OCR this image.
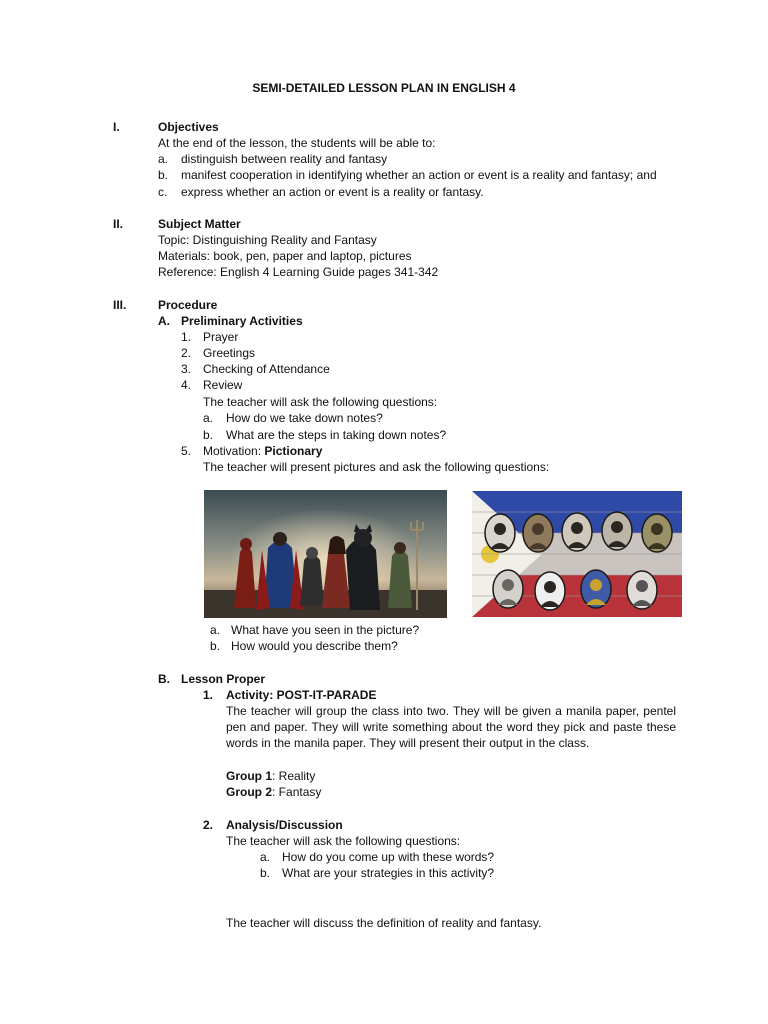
SEMI-DETAILED LESSON PLAN IN ENGLISH 4
I.	Objectives
At the end of the lesson, the students will be able to:
a. distinguish between reality and fantasy
b. manifest cooperation in identifying whether an action or event is a reality and fantasy; and
c. express whether an action or event is a reality or fantasy.
II.	Subject Matter
Topic: Distinguishing Reality and Fantasy
Materials: book, pen, paper and laptop, pictures
Reference: English 4 Learning Guide pages 341-342
III.	Procedure
A. Preliminary Activities
1. Prayer
2. Greetings
3. Checking of Attendance
4. Review
The teacher will ask the following questions:
a. How do we take down notes?
b. What are the steps in taking down notes?
5. Motivation: Pictionary
The teacher will present pictures and ask the following questions:
a. What have you seen in the picture?
b. How would you describe them?
B. Lesson Proper
1. Activity: POST-IT-PARADE
The teacher will group the class into two. They will be given a manila paper, pentel pen and paper. They will write something about the word they pick and paste these words in the manila paper. They will present their output in the class.
Group 1: Reality
Group 2: Fantasy
2. Analysis/Discussion
The teacher will ask the following questions:
a. How do you come up with these words?
b. What are your strategies in this activity?
The teacher will discuss the definition of reality and fantasy.
